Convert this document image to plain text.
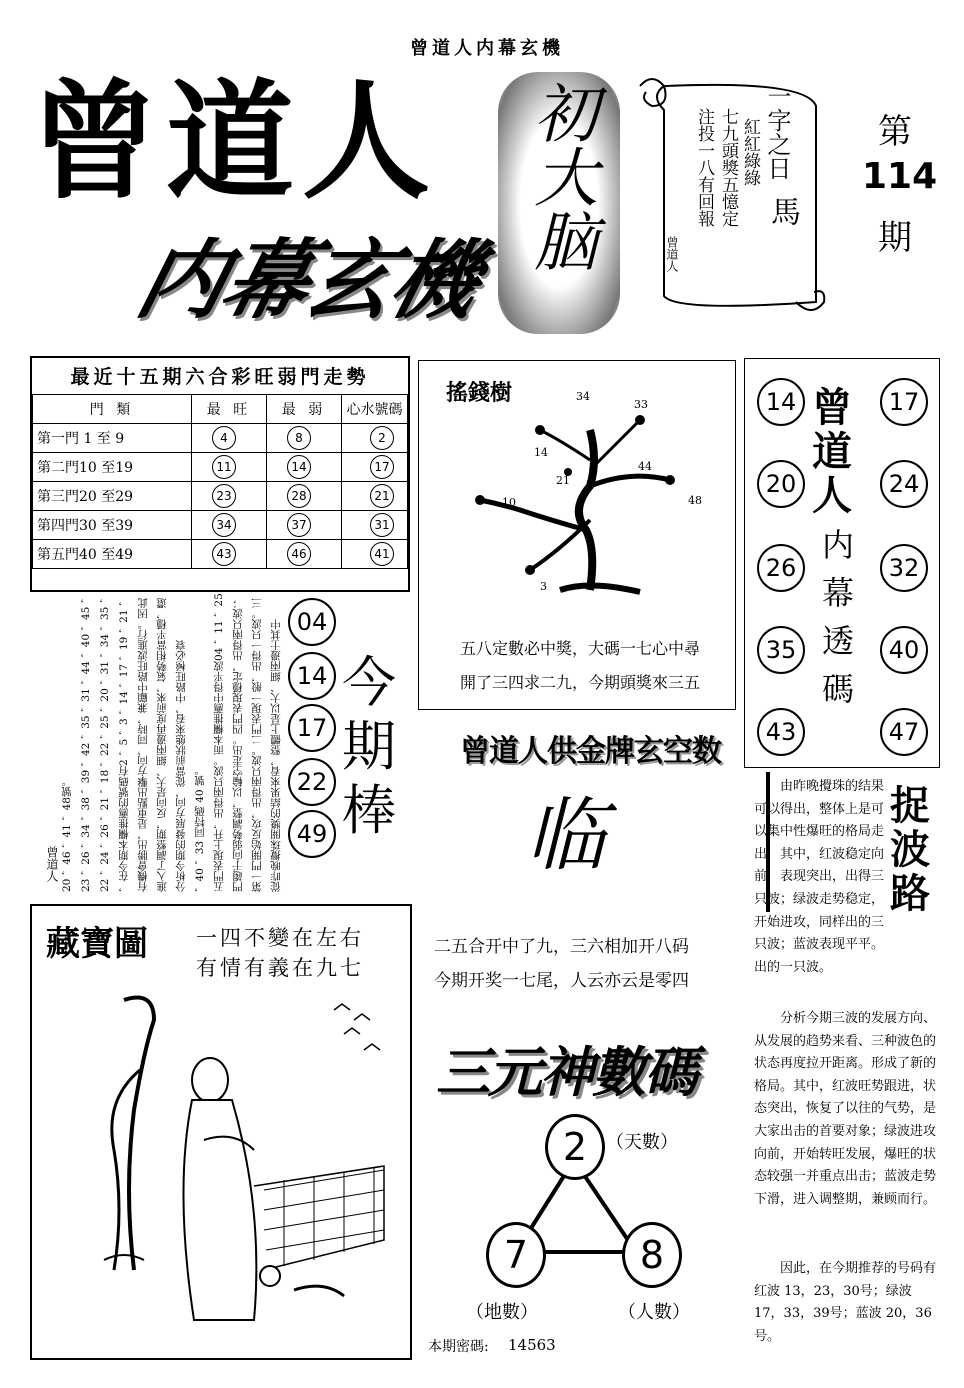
曾道人内幕玄機
曾道人
内幕玄機
初大脑	一字之日
馬
紅紅綠綠
七九頭獎五憶定
注投一八有回報
曾道人
第
114
期
最近十五期六合彩旺弱門走勢
門 類	最 旺	最 弱	心水號碼
第一門 1 至 9	4	8	2

第二門10 至19	11	14	17

第三門20 至29	23	28	21

第四門30 至39	34	37	31

第五門40 至49	43	46	41
搖錢樹	34
33
14
21
44
48
10
3
五八定數必中獎，大碼一七心中尋
開了三四求二九，今期頭獎來三五
14	17
20	24
26	32
35	40
43	47
曾
道
人
内
幕
透
碼
20 ，46 ，41 ，48號。 23 ，26 ，34 ，38 ，39 ，42 ，35 ，31 ，44 ，40 ，45 ， 22 ，24 ，26 ，21 ，18 ，22 ，25 ，20 ，31 ，34 ，35 ， ，在今期本欄推薦的號碼有2 ，5 ，3 ，14 ，17 ，19 ，21 ， 有機會勝出，是重點出擊方向，同時，兼顧中路旺波進行。因此 進入了調整期，反向是大、細兩邊再度前來，氣勢相當平穩，還 分析今期的發展方向，從當前狀態來看，中路旺極必衰 ，40 ，33 同特碼 40 號。 五門表現上升，出得兩只波。而本欄推薦中得平波04 ，11 ，25 門趨于向弱勢調整，以輪空走出。四門表現穩定，出得兩只波； 第一門開始反攻，出得兩只波。二門表現一般，出得一只波。三 從昨晚攪珠開獎的結果來看，整體上是以大、細兩邊士其中
曾道人
04
14
17
22
49
今
期
棒
曾道人供金牌玄空数
临
藏寶圖 一四不變在左右
有情有義在九七
二五合开中了九，三六相加开八码
今期开奖一七尾，人云亦云是零四
三元神數碼
2
7	8
（天數）
（地數）	（人數）
本期密碼: 14563
捉
波
路
由昨晚攪珠的结果可以得出，整体上是可以集中性爆旺的格局走出，其中，红波稳定向前，表现突出，出得三只波；绿波走势稳定，开始进攻，同样出的三只波；蓝波表现平平。出的一只波。
分析今期三波的发展方向、从发展的趋势来看、三种波色的状态再度拉开距离。形成了新的格局。其中，红波旺势跟进，状态突出，恢复了以往的气势，是大家出击的首要对象；绿波进攻向前，开始转旺发展，爆旺的状态较强一并重点出击；蓝波走势下滑，进入调整期，兼顾而行。
因此，在今期推荐的号码有红波 13，23，30号；绿波 17，33，39号；蓝波 20，36 号。
